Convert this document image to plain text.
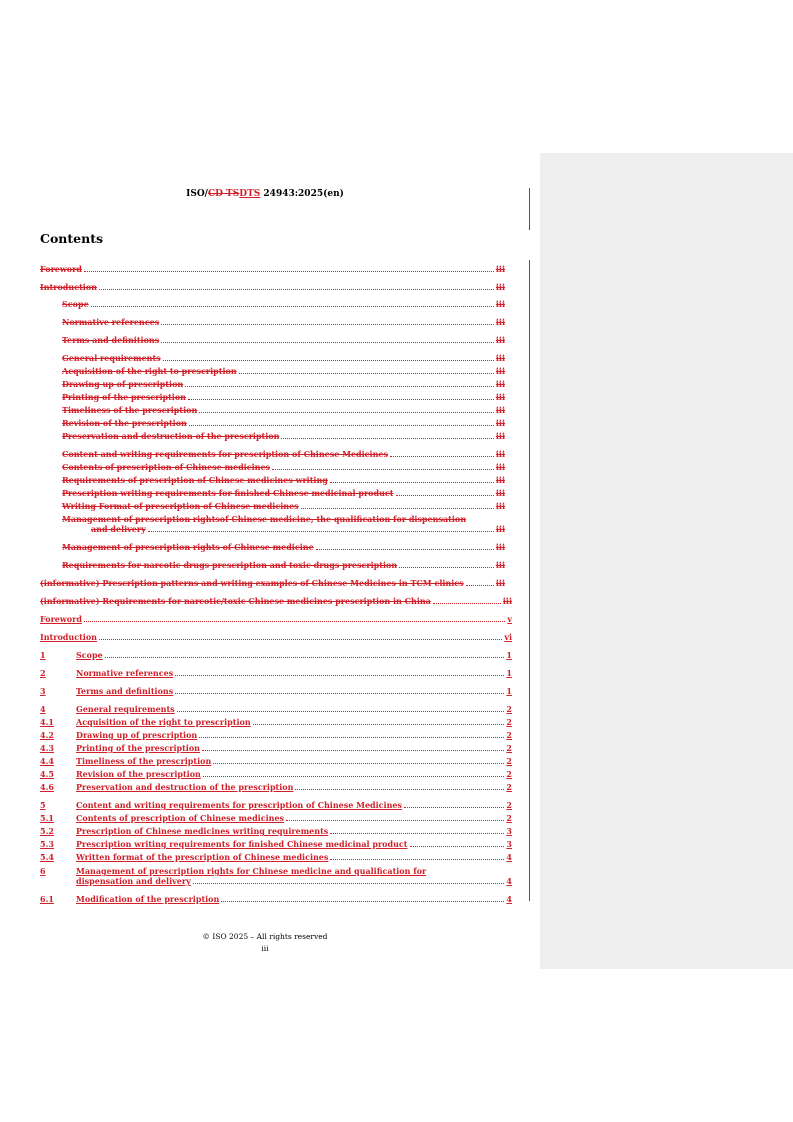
ISO/CD TSDTS 24943:2025(en)
Contents
Foreword	iii
Introduction	iii
Scope	iii
Normative references	iii
Terms and definitions	iii
General requirements	iii
Acquisition of the right to prescription	iii
Drawing up of prescription	iii
Printing of the prescription	iii
Timeliness of the prescription	iii
Revision of the prescription	iii
Preservation and destruction of the prescription	iii
Content and writing requirements for prescription of Chinese Medicines	iii
Contents of prescription of Chinese medicines	iii
Requirements of prescription of Chinese medicines writing	iii
Prescription writing requirements for finished Chinese medicinal product	iii
Writing Format of prescription of Chinese medicines	iii
Management of prescription rights of Chinese medicine	iii
Requirements for narcotic drugs prescription and toxic drugs prescription	iii
(informative) Prescription patterns and writing examples of Chinese Medicines in TCM clinics	iii
(informative) Requirements for narcotic/toxic Chinese medicines prescription in China	iii
Management of prescription rightsof Chinese medicine, the qualification for dispensation
and delivery	iii
Foreword	v
Introduction	vi
1	Scope	1
2	Normative references	1
3	Terms and definitions	1
4	General requirements	2
4.1	Acquisition of the right to prescription	2
4.2	Drawing up of prescription	2
4.3	Printing of the prescription	2
4.4	Timeliness of the prescription	2
4.5	Revision of the prescription	2
4.6	Preservation and destruction of the prescription	2
5	Content and writing requirements for prescription of Chinese Medicines	2
5.1	Contents of prescription of Chinese medicines	2
5.2	Prescription of Chinese medicines writing requirements	3
5.3	Prescription writing requirements for finished Chinese medicinal product	3
5.4	Written format of the prescription of Chinese medicines	4
6.1	Modification of the prescription	4
6	Management of prescription rights for Chinese medicine and qualification for
dispensation and delivery	4
© ISO 2025 – All rights reserved
iii
